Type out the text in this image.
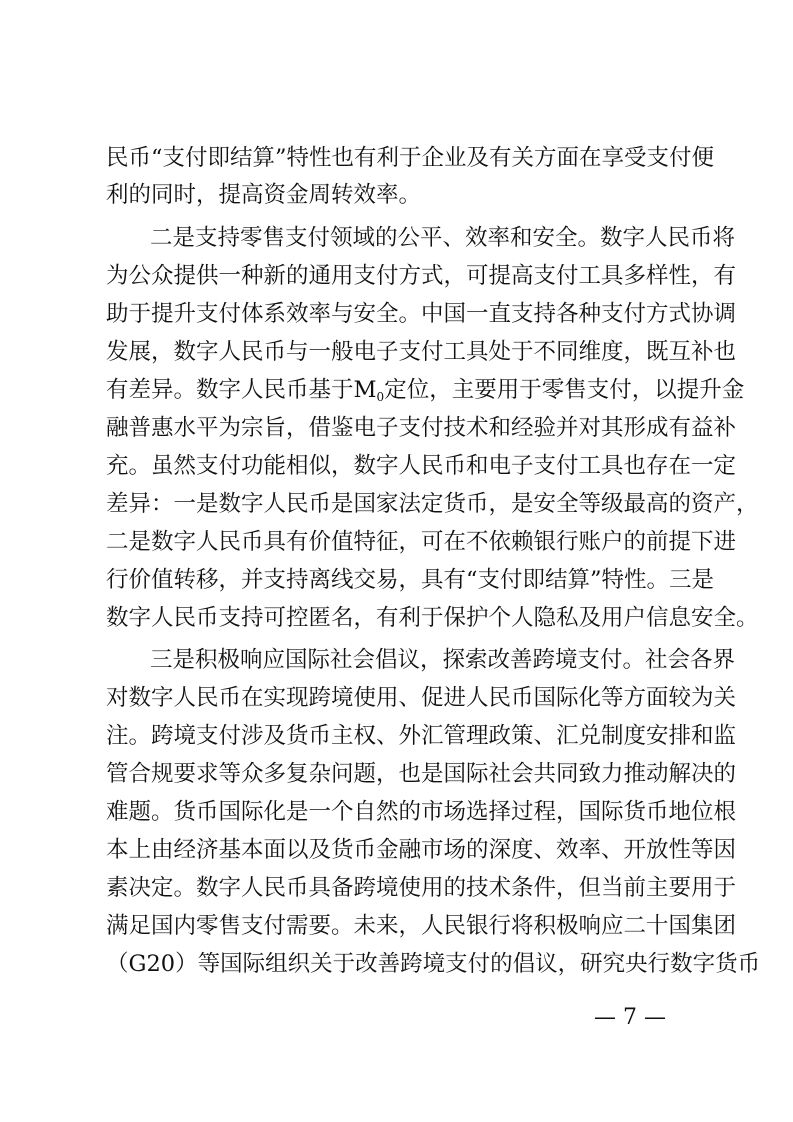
民币“支付即结算”特性也有利于企业及有关方面在享受支付便
利的同时，提高资金周转效率。
二是支持零售支付领域的公平、效率和安全。数字人民币将
为公众提供一种新的通用支付方式，可提高支付工具多样性，有
助于提升支付体系效率与安全。中国一直支持各种支付方式协调
发展，数字人民币与一般电子支付工具处于不同维度，既互补也
有差异。数字人民币基于$M_0$定位，主要用于零售支付，以提升金
融普惠水平为宗旨，借鉴电子支付技术和经验并对其形成有益补
充。虽然支付功能相似，数字人民币和电子支付工具也存在一定
差异：一是数字人民币是国家法定货币，是安全等级最高的资产，
二是数字人民币具有价值特征，可在不依赖银行账户的前提下进
行价值转移，并支持离线交易，具有“支付即结算”特性。三是
数字人民币支持可控匿名，有利于保护个人隐私及用户信息安全。
三是积极响应国际社会倡议，探索改善跨境支付。社会各界
对数字人民币在实现跨境使用、促进人民币国际化等方面较为关
注。跨境支付涉及货币主权、外汇管理政策、汇兑制度安排和监
管合规要求等众多复杂问题，也是国际社会共同致力推动解决的
难题。货币国际化是一个自然的市场选择过程，国际货币地位根
本上由经济基本面以及货币金融市场的深度、效率、开放性等因
素决定。数字人民币具备跨境使用的技术条件，但当前主要用于
满足国内零售支付需要。未来，人民银行将积极响应二十国集团
（G20）等国际组织关于改善跨境支付的倡议，研究央行数字货币
— 7 —
